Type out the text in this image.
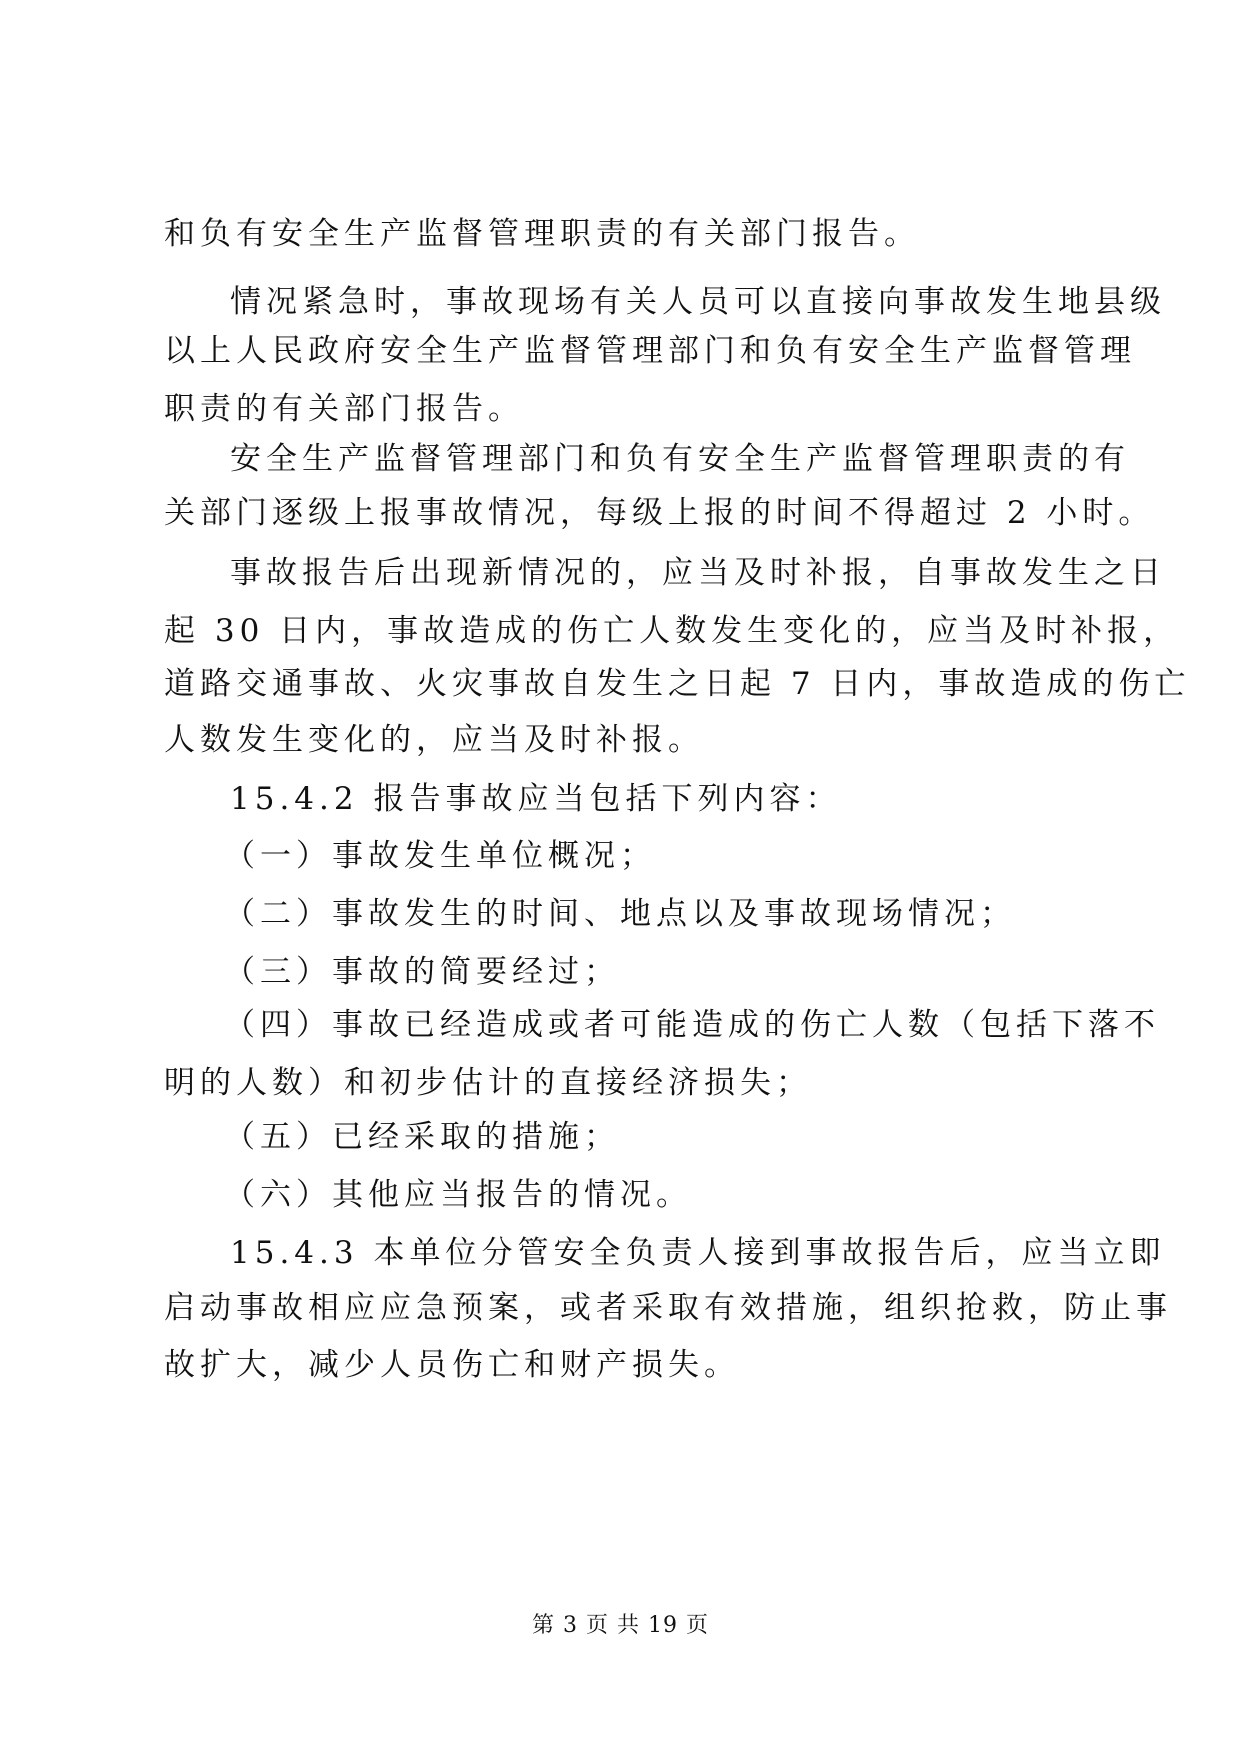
和负有安全生产监督管理职责的有关部门报告。
情况紧急时，事故现场有关人员可以直接向事故发生地县级
以上人民政府安全生产监督管理部门和负有安全生产监督管理
职责的有关部门报告。
安全生产监督管理部门和负有安全生产监督管理职责的有
关部门逐级上报事故情况，每级上报的时间不得超过 2 小时。
事故报告后出现新情况的，应当及时补报，自事故发生之日
起 30 日内，事故造成的伤亡人数发生变化的，应当及时补报，
道路交通事故、火灾事故自发生之日起 7 日内，事故造成的伤亡
人数发生变化的，应当及时补报。
15.4.2 报告事故应当包括下列内容：
（一）事故发生单位概况；
（二）事故发生的时间、地点以及事故现场情况；
（三）事故的简要经过；
（四）事故已经造成或者可能造成的伤亡人数（包括下落不
明的人数）和初步估计的直接经济损失；
（五）已经采取的措施；
（六）其他应当报告的情况。
15.4.3 本单位分管安全负责人接到事故报告后，应当立即
启动事故相应应急预案，或者采取有效措施，组织抢救，防止事
故扩大，减少人员伤亡和财产损失。
第 3 页 共 19 页
